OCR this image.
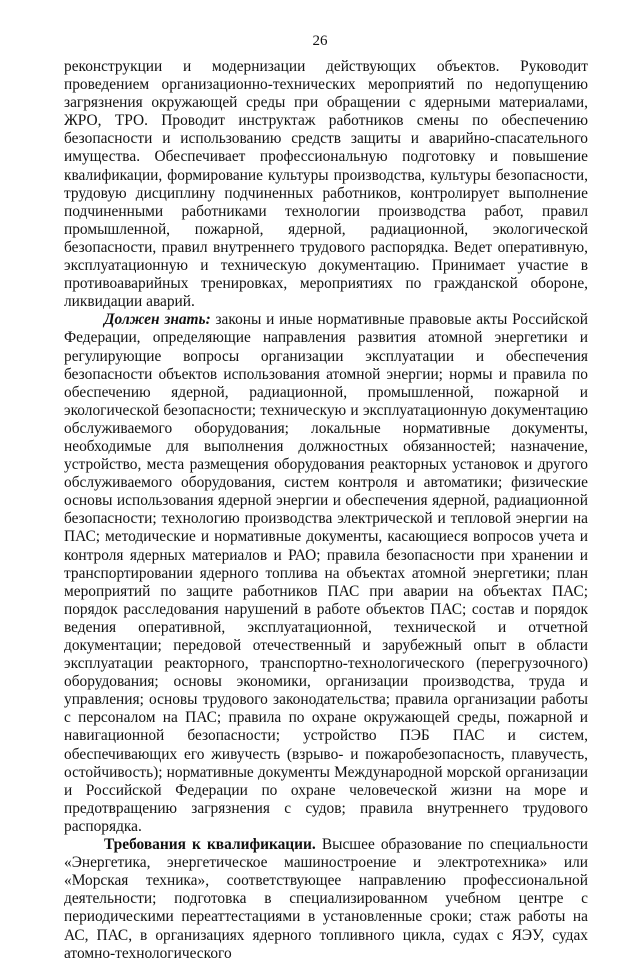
26

реконструкции и модернизации действующих объектов. Руководит проведением организационно-технических мероприятий по недопущению загрязнения окружающей среды при обращении с ядерными материалами, ЖРО, ТРО. Проводит инструктаж работников смены по обеспечению безопасности и использованию средств защиты и аварийно-спасательного имущества. Обеспечивает профессиональную подготовку и повышение квалификации, формирование культуры производства, культуры безопасности, трудовую дисциплину подчиненных работников, контролирует выполнение подчиненными работниками технологии производства работ, правил промышленной, пожарной, ядерной, радиационной, экологической безопасности, правил внутреннего трудового распорядка. Ведет оперативную, эксплуатационную и техническую документацию. Принимает участие в противоаварийных тренировках, мероприятиях по гражданской обороне, ликвидации аварий.

Должен знать: законы и иные нормативные правовые акты Российской Федерации, определяющие направления развития атомной энергетики и регулирующие вопросы организации эксплуатации и обеспечения безопасности объектов использования атомной энергии; нормы и правила по обеспечению ядерной, радиационной, промышленной, пожарной и экологической безопасности; техническую и эксплуатационную документацию обслуживаемого оборудования; локальные нормативные документы, необходимые для выполнения должностных обязанностей; назначение, устройство, места размещения оборудования реакторных установок и другого обслуживаемого оборудования, систем контроля и автоматики; физические основы использования ядерной энергии и обеспечения ядерной, радиационной безопасности; технологию производства электрической и тепловой энергии на ПАС; методические и нормативные документы, касающиеся вопросов учета и контроля ядерных материалов и РАО; правила безопасности при хранении и транспортировании ядерного топлива на объектах атомной энергетики; план мероприятий по защите работников ПАС при аварии на объектах ПАС; порядок расследования нарушений в работе объектов ПАС; состав и порядок ведения оперативной, эксплуатационной, технической и отчетной документации; передовой отечественный и зарубежный опыт в области эксплуатации реакторного, транспортно-технологического (перегрузочного) оборудования; основы экономики, организации производства, труда и управления; основы трудового законодательства; правила организации работы с персоналом на ПАС; правила по охране окружающей среды, пожарной и навигационной безопасности; устройство ПЭБ ПАС и систем, обеспечивающих его живучесть (взрыво- и пожаробезопасность, плавучесть, остойчивость); нормативные документы Международной морской организации и Российской Федерации по охране человеческой жизни на море и предотвращению загрязнения с судов; правила внутреннего трудового распорядка.

Требования к квалификации. Высшее образование по специальности «Энергетика, энергетическое машиностроение и электротехника» или «Морская техника», соответствующее направлению профессиональной деятельности; подготовка в специализированном учебном центре с периодическими переаттестациями в установленные сроки; стаж работы на АС, ПАС, в организациях ядерного топливного цикла, судах с ЯЭУ, судах атомно-технологического
